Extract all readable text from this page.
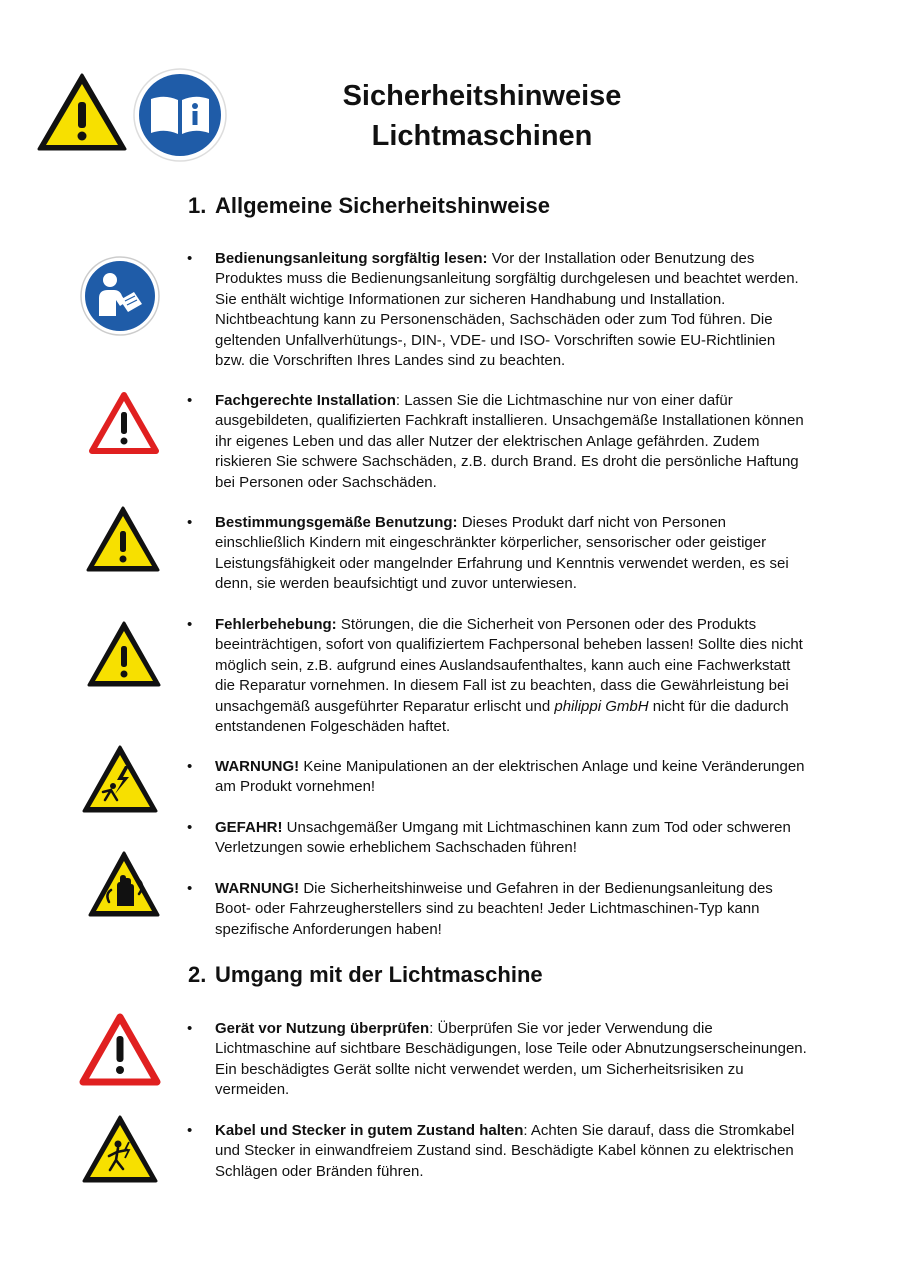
Sicherheitshinweise
Lichtmaschinen
1. Allgemeine Sicherheitshinweise
• Bedienungsanleitung sorgfältig lesen: Vor der Installation oder Benutzung des Produktes muss die Bedienungsanleitung sorgfältig durchgelesen und beachtet werden. Sie enthält wichtige Informationen zur sicheren Handhabung und Installation. Nichtbeachtung kann zu Personenschäden, Sachschäden oder zum Tod führen. Die geltenden Unfallverhütungs-, DIN-, VDE- und ISO- Vorschriften sowie EU-Richtlinien bzw. die Vorschriften Ihres Landes sind zu beachten.
• Fachgerechte Installation: Lassen Sie die Lichtmaschine nur von einer dafür ausgebildeten, qualifizierten Fachkraft installieren. Unsachgemäße Installationen können ihr eigenes Leben und das aller Nutzer der elektrischen Anlage gefährden. Zudem riskieren Sie schwere Sachschäden, z.B. durch Brand. Es droht die persönliche Haftung bei Personen oder Sachschäden.
• Bestimmungsgemäße Benutzung: Dieses Produkt darf nicht von Personen einschließlich Kindern mit eingeschränkter körperlicher, sensorischer oder geistiger Leistungsfähigkeit oder mangelnder Erfahrung und Kenntnis verwendet werden, es sei denn, sie werden beaufsichtigt und zuvor unterwiesen.
• Fehlerbehebung: Störungen, die die Sicherheit von Personen oder des Produkts beeinträchtigen, sofort von qualifiziertem Fachpersonal beheben lassen! Sollte dies nicht möglich sein, z.B. aufgrund eines Auslandsaufenthaltes, kann auch eine Fachwerkstatt die Reparatur vornehmen. In diesem Fall ist zu beachten, dass die Gewährleistung bei unsachgemäß ausgeführter Reparatur erlischt und philippi GmbH nicht für die dadurch entstandenen Folgeschäden haftet.
• WARNUNG! Keine Manipulationen an der elektrischen Anlage und keine Veränderungen am Produkt vornehmen!
• GEFAHR! Unsachgemäßer Umgang mit Lichtmaschinen kann zum Tod oder schweren Verletzungen sowie erheblichem Sachschaden führen!
• WARNUNG! Die Sicherheitshinweise und Gefahren in der Bedienungsanleitung des Boot- oder Fahrzeugherstellers sind zu beachten! Jeder Lichtmaschinen-Typ kann spezifische Anforderungen haben!
2. Umgang mit der Lichtmaschine
• Gerät vor Nutzung überprüfen: Überprüfen Sie vor jeder Verwendung die Lichtmaschine auf sichtbare Beschädigungen, lose Teile oder Abnutzungserscheinungen. Ein beschädigtes Gerät sollte nicht verwendet werden, um Sicherheitsrisiken zu vermeiden.
• Kabel und Stecker in gutem Zustand halten: Achten Sie darauf, dass die Stromkabel und Stecker in einwandfreiem Zustand sind. Beschädigte Kabel können zu elektrischen Schlägen oder Bränden führen.
